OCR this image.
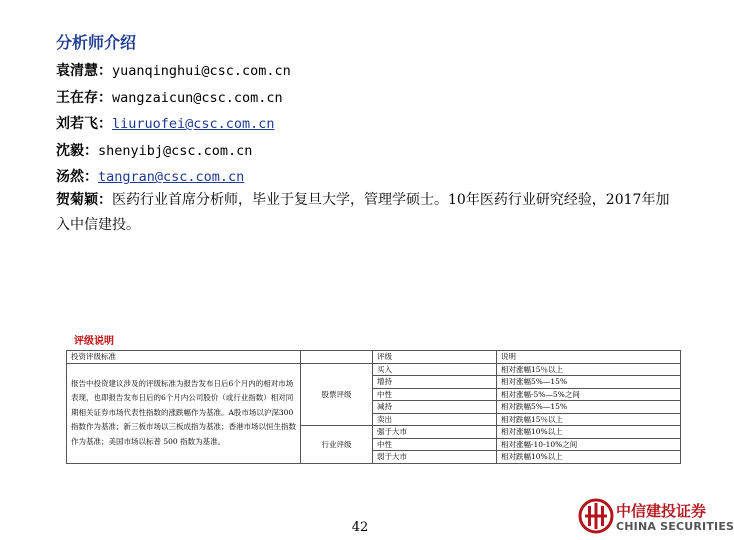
分析师介绍
袁清慧：yuanqinghui@csc.com.cn
王在存：wangzaicun@csc.com.cn
刘若飞：liuruofei@csc.com.cn
沈毅：shenyibj@csc.com.cn
汤然：tangran@csc.com.cn
贺菊颖：医药行业首席分析师，毕业于复旦大学，管理学硕士。10年医药行业研究经验，2017年加入中信建投。
评级说明
投资评级标准		评级	说明
报告中投资建议涉及的评级标准为报告发布日后6个月内的相对市场表现，也即报告发布日后的6个月内公司股价（或行业指数）相对同期相关证券市场代表性指数的涨跌幅作为基准。A股市场以沪深300指数作为基准；新三板市场以三板成指为基准；香港市场以恒生指数作为基准；美国市场以标普 500 指数为基准。	股票评级	买入	相对涨幅15％以上
		增持	相对涨幅5%—15%
		中性	相对涨幅-5%—5%之间
		减持	相对跌幅5%—15%
		卖出	相对跌幅15％以上
	行业评级	强于大市	相对涨幅10%以上
		中性	相对涨幅-10-10%之间
		弱于大市	相对跌幅10%以上
42
中信建投证券
CHINA SECURITIES
